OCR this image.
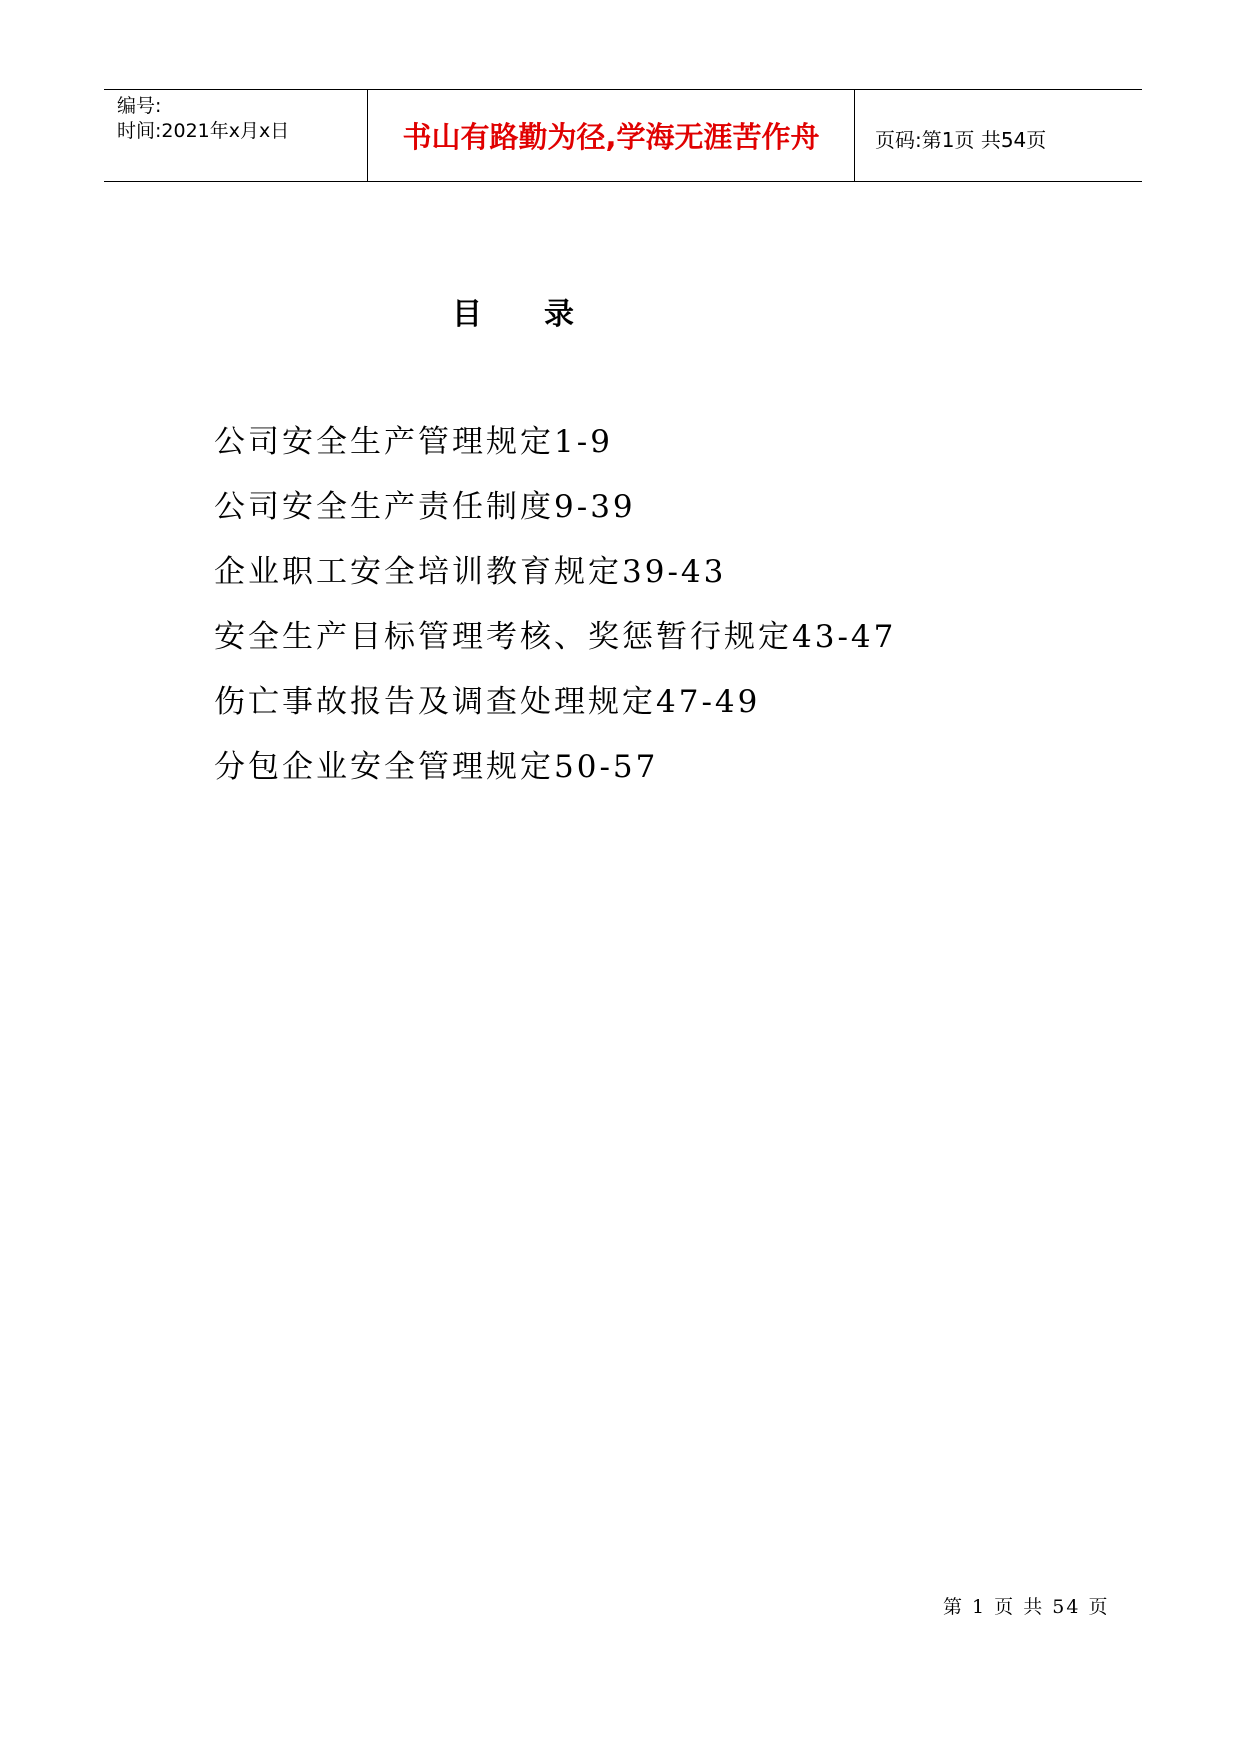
编号:
时间:2021年x月x日	书山有路勤为径,学海无涯苦作舟	页码:第1页 共54页
目 录
公司安全生产管理规定1-9
公司安全生产责任制度9-39
企业职工安全培训教育规定39-43
安全生产目标管理考核、奖惩暂行规定43-47
伤亡事故报告及调查处理规定47-49
分包企业安全管理规定50-57
第 1 页 共 54 页
